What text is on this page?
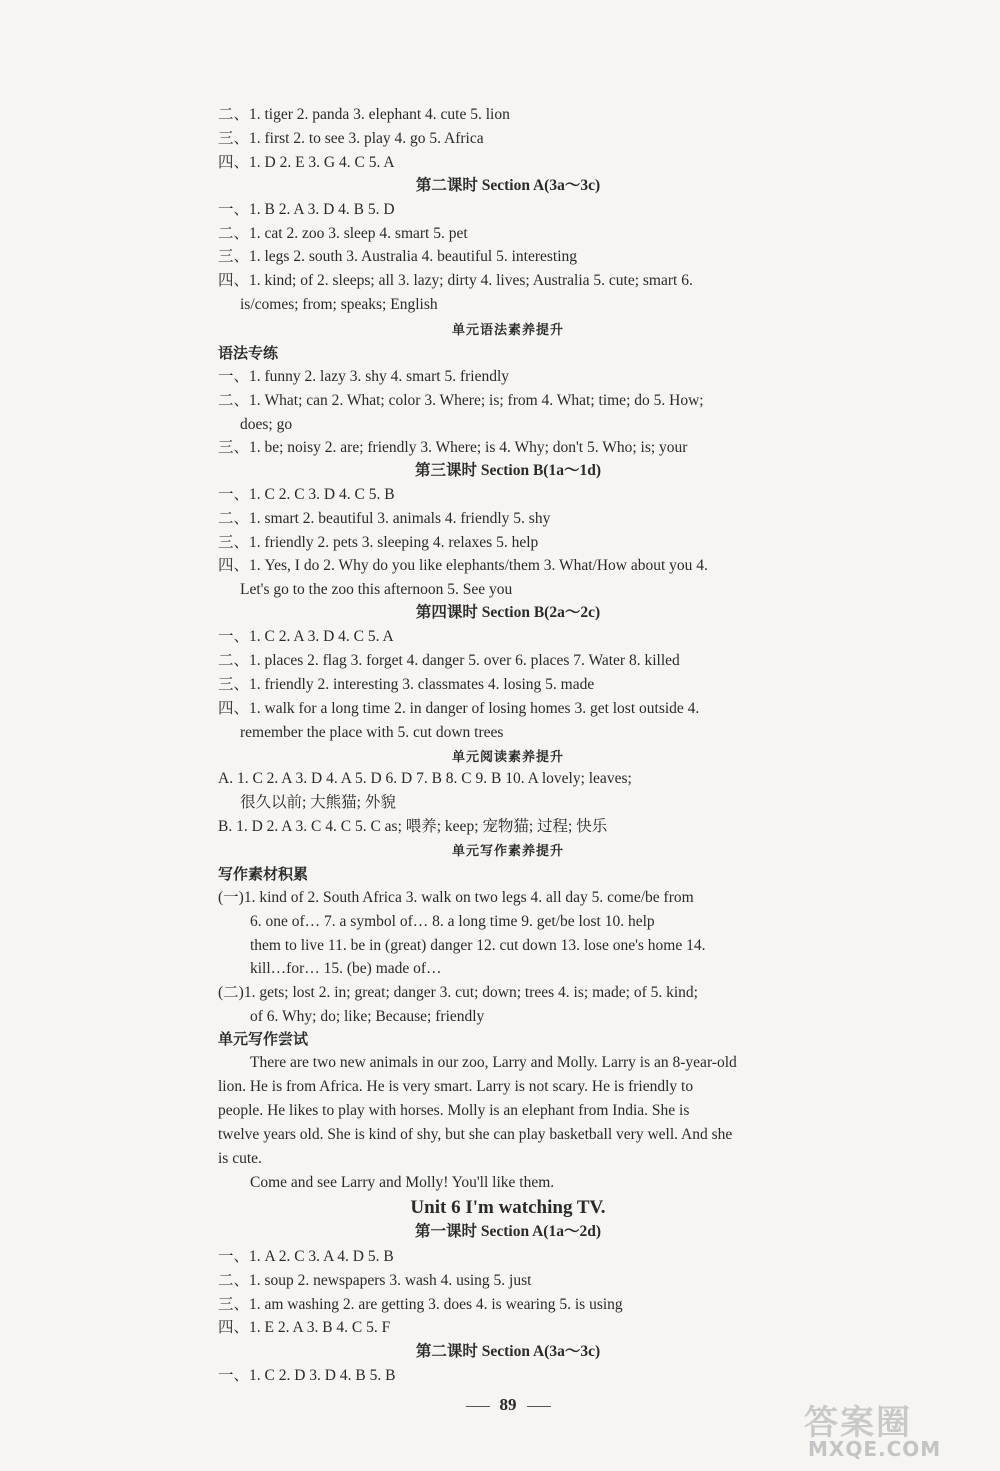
二、1. tiger 2. panda 3. elephant 4. cute 5. lion
三、1. first 2. to see 3. play 4. go 5. Africa
四、1. D 2. E 3. G 4. C 5. A
第二课时 Section A(3a～3c)
一、1. B 2. A 3. D 4. B 5. D
二、1. cat 2. zoo 3. sleep 4. smart 5. pet
三、1. legs 2. south 3. Australia 4. beautiful 5. interesting
四、1. kind; of 2. sleeps; all 3. lazy; dirty 4. lives; Australia 5. cute; smart 6.
is/comes; from; speaks; English
单元语法素养提升
语法专练
一、1. funny 2. lazy 3. shy 4. smart 5. friendly
二、1. What; can 2. What; color 3. Where; is; from 4. What; time; do 5. How;
does; go
三、1. be; noisy 2. are; friendly 3. Where; is 4. Why; don't 5. Who; is; your
第三课时 Section B(1a～1d)
一、1. C 2. C 3. D 4. C 5. B
二、1. smart 2. beautiful 3. animals 4. friendly 5. shy
三、1. friendly 2. pets 3. sleeping 4. relaxes 5. help
四、1. Yes, I do 2. Why do you like elephants/them 3. What/How about you 4.
Let's go to the zoo this afternoon 5. See you
第四课时 Section B(2a～2c)
一、1. C 2. A 3. D 4. C 5. A
二、1. places 2. flag 3. forget 4. danger 5. over 6. places 7. Water 8. killed
三、1. friendly 2. interesting 3. classmates 4. losing 5. made
四、1. walk for a long time 2. in danger of losing homes 3. get lost outside 4.
remember the place with 5. cut down trees
单元阅读素养提升
A. 1. C 2. A 3. D 4. A 5. D 6. D 7. B 8. C 9. B 10. A lovely; leaves;
很久以前; 大熊猫; 外貌
B. 1. D 2. A 3. C 4. C 5. C as; 喂养; keep; 宠物猫; 过程; 快乐
单元写作素养提升
写作素材积累
(一)1. kind of 2. South Africa 3. walk on two legs 4. all day 5. come/be from
6. one of… 7. a symbol of… 8. a long time 9. get/be lost 10. help
them to live 11. be in (great) danger 12. cut down 13. lose one's home 14.
kill…for… 15. (be) made of…
(二)1. gets; lost 2. in; great; danger 3. cut; down; trees 4. is; made; of 5. kind;
of 6. Why; do; like; Because; friendly
单元写作尝试
There are two new animals in our zoo, Larry and Molly. Larry is an 8-year-old
lion. He is from Africa. He is very smart. Larry is not scary. He is friendly to
people. He likes to play with horses. Molly is an elephant from India. She is
twelve years old. She is kind of shy, but she can play basketball very well. And she
is cute.
Come and see Larry and Molly! You'll like them.
Unit 6 I'm watching TV.
第一课时 Section A(1a～2d)
一、1. A 2. C 3. A 4. D 5. B
二、1. soup 2. newspapers 3. wash 4. using 5. just
三、1. am washing 2. are getting 3. does 4. is wearing 5. is using
四、1. E 2. A 3. B 4. C 5. F
第二课时 Section A(3a～3c)
一、1. C 2. D 3. D 4. B 5. B
89	答案圈
MXQE.COM
